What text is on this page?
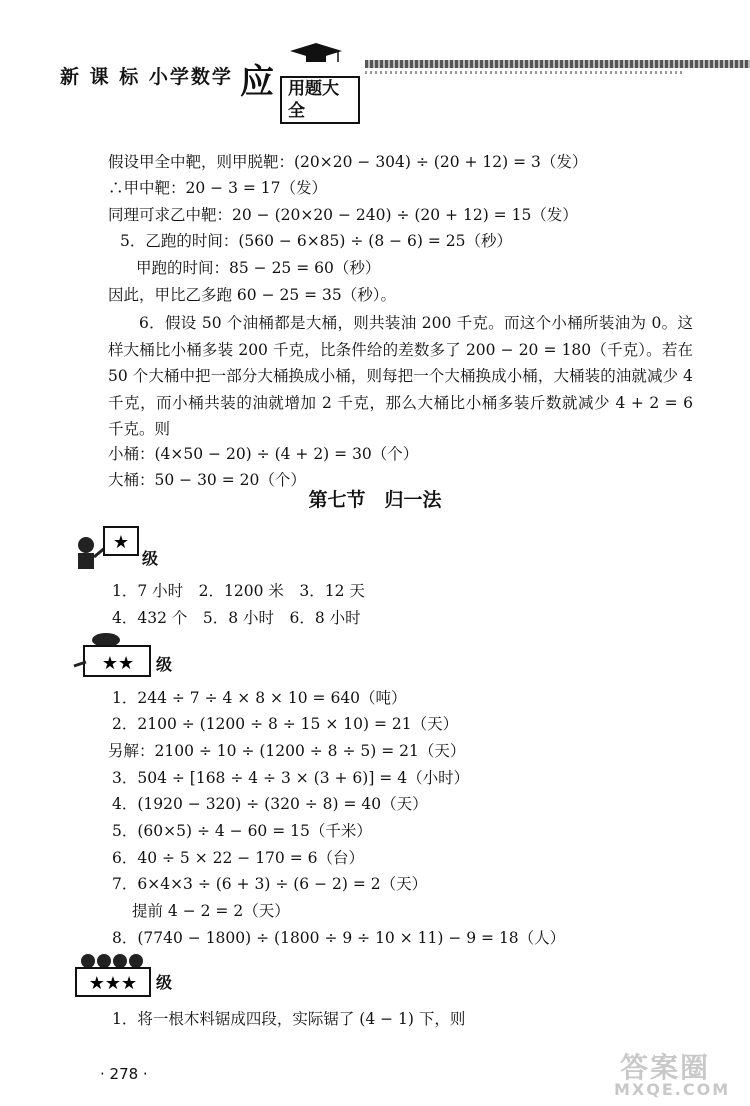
新 课 标 小学数学 应 用题大全
假设甲全中靶，则甲脱靶：(20×20 − 304) ÷ (20 + 12) = 3（发）
∴甲中靶：20 − 3 = 17（发）
同理可求乙中靶：20 − (20×20 − 240) ÷ (20 + 12) = 15（发）
5．乙跑的时间：(560 − 6×85) ÷ (8 − 6) = 25（秒）
甲跑的时间：85 − 25 = 60（秒）
因此，甲比乙多跑 60 − 25 = 35（秒）。
6．假设 50 个油桶都是大桶，则共装油 200 千克。而这个小桶所装油为 0。这样大桶比小桶多装 200 千克，比条件给的差数多了 200 − 20 = 180（千克）。若在 50 个大桶中把一部分大桶换成小桶，则每把一个大桶换成小桶，大桶装的油就减少 4 千克，而小桶共装的油就增加 2 千克，那么大桶比小桶多装斤数就减少 4 + 2 = 6 千克。则
小桶：(4×50 − 20) ÷ (4 + 2) = 30（个）
大桶：50 − 30 = 20（个）
第七节　归一法
★
级
1．7 小时　2．1200 米　3．12 天
4．432 个　5．8 小时　6．8 小时
★★ 级
1．244 ÷ 7 ÷ 4 × 8 × 10 = 640（吨）
2．2100 ÷ (1200 ÷ 8 ÷ 15 × 10) = 21（天）
另解：2100 ÷ 10 ÷ (1200 ÷ 8 ÷ 5) = 21（天）
3．504 ÷ [168 ÷ 4 ÷ 3 × (3 + 6)] = 4（小时）
4．(1920 − 320) ÷ (320 ÷ 8) = 40（天）
5．(60×5) ÷ 4 − 60 = 15（千米）
6．40 ÷ 5 × 22 − 170 = 6（台）
7．6×4×3 ÷ (6 + 3) ÷ (6 − 2) = 2（天）
提前 4 − 2 = 2（天）
8．(7740 − 1800) ÷ (1800 ÷ 9 ÷ 10 × 11) − 9 = 18（人）
★★★ 级
1．将一根木料锯成四段，实际锯了 (4 − 1) 下，则
· 278 ·	答案圈
MXQE.COM
